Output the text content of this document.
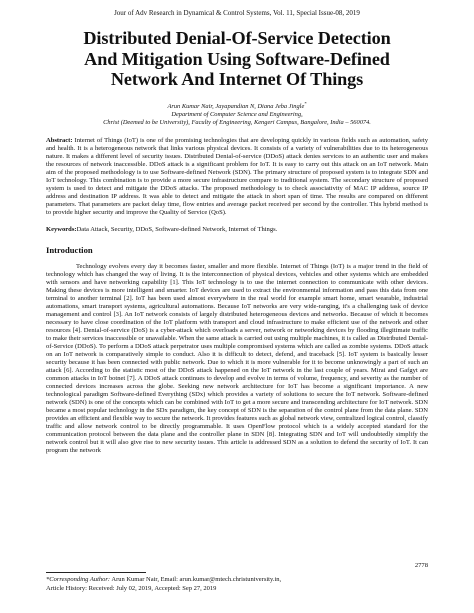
Jour of Adv Research in Dynamical & Control Systems, Vol. 11, Special Issue-08, 2019
Distributed Denial-Of-Service Detection
And Mitigation Using Software-Defined
Network And Internet Of Things
Arun Kumar Nair, Jayapandian N, Diana Jeba Jingle*
Department of Computer Science and Engineering,
Christ (Deemed to be University), Faculty of Engineering, Kengeri Campus, Bangalore, India – 560074.
Abstract: Internet of Things (IoT) is one of the promising technologies that are developing quickly in various fields such as automation, safety and health. It is a heterogeneous network that links various physical devices. It consists of a variety of vulnerabilities due to its heterogeneous nature. It makes a different level of security issues. Distributed Denial-of-service (DDoS) attack denies services to an authentic user and makes the resources of network inaccessible. DDoS attack is a significant problem for IoT. It is easy to carry out this attack on an IoT network. Main aim of the proposed methodology is to use Software-defined Network (SDN). The primary structure of proposed system is to integrate SDN and IoT technology. This combination is to provide a more secure infrastructure compare to traditional system. The secondary structure of proposed system is used to detect and mitigate the DDoS attacks. The proposed methodology is to check associativity of MAC IP address, source IP address and destination IP address. It was able to detect and mitigate the attack in short span of time. The results are compared on different parameters. That parameters are packet delay time, flow entries and average packet received per second by the controller. This hybrid method is to provide higher security and improve the Quality of Service (QoS).
Keywords:Data Attack, Security, DDoS, Software-defined Network, Internet of Things.
Introduction
Technology evolves every day it becomes faster, smaller and more flexible. Internet of Things (IoT) is a major trend in the field of technology which has changed the way of living. It is the interconnection of physical devices, vehicles and other systems which are embedded with sensors and have networking capability [1]. This IoT technology is to use the internet connection to communicate with other devices. Making these devices is more intelligent and smarter. IoT devices are used to extract the environmental information and pass this data from one terminal to another terminal [2]. IoT has been used almost everywhere in the real world for example smart home, smart wearable, industrial automations, smart transport systems, agricultural automations. Because IoT networks are very wide-ranging, it's a challenging task of device management and control [3]. An IoT network consists of largely distributed heterogeneous devices and networks. Because of which it becomes necessary to have close coordination of the IoT platform with transport and cloud infrastructure to make efficient use of the network and other resources [4]. Denial-of-service (DoS) is a cyber-attack which overloads a server, network or networking devices by flooding illegitimate traffic to make their services inaccessible or unavailable. When the same attack is carried out using multiple machines, it is called as Distributed Denial-of-Service (DDoS). To perform a DDoS attack perpetrator uses multiple compromised systems which are called as zombie systems. DDoS attack on an IoT network is comparatively simple to conduct. Also it is difficult to detect, defend, and traceback [5]. IoT system is basically lesser security because it has been connected with public network. Due to which it is more vulnerable for it to become unknowingly a part of such an attack [6]. According to the statistic most of the DDoS attack happened on the IoT network in the last couple of years. Mirai and Gafgyt are common attacks in IoT botnet [7]. A DDoS attack continues to develop and evolve in terms of volume, frequency, and severity as the number of connected devices increases across the globe. Seeking new network architecture for IoT has become a significant importance. A new technological paradigm Software-defined Everything (SDx) which provides a variety of solutions to secure the IoT network. Software-defined network (SDN) is one of the concepts which can be combined with IoT to get a more secure and transcending architecture for IoT network. SDN became a most popular technology in the SDx paradigm, the key concept of SDN is the separation of the control plane from the data plane. SDN provides an efficient and flexible way to secure the network. It provides features such as global network view, centralized logical control, classify traffic and allow network control to be directly programmable. It uses OpenFlow protocol which is a widely accepted standard for the communication protocol between the data plane and the controller plane in SDN [8]. Integrating SDN and IoT will undoubtedly simplify the network control but it will also give rise to new security issues. This article is addressed SDN as a solution to defend the security of IoT. It can program the network
2778
*Corresponding Author: Arun Kumar Nair, Email: arun.kumar@mtech.christuniversity.in,
Article History: Received: July 02, 2019, Accepted: Sep 27, 2019
